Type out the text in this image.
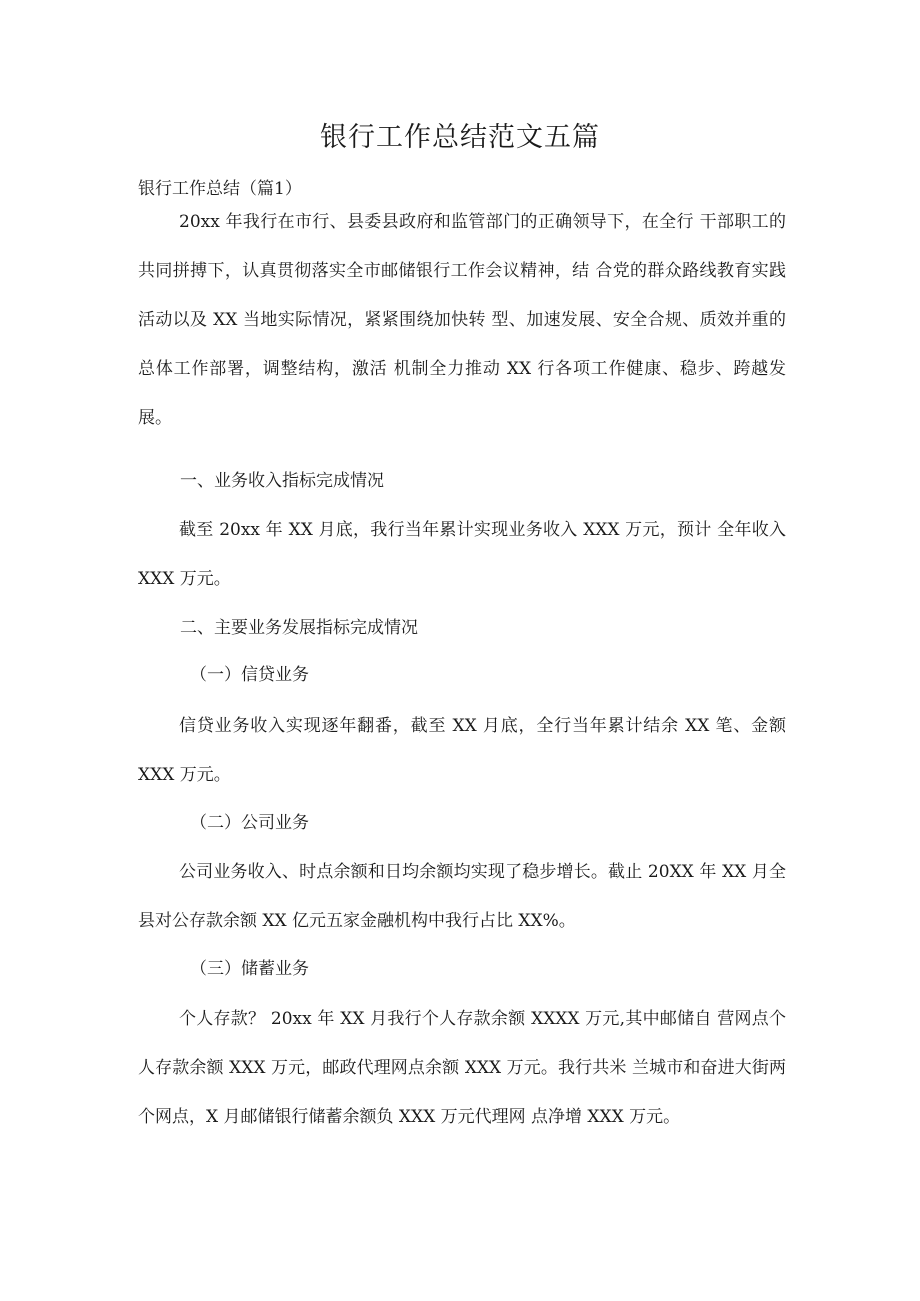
银行工作总结范文五篇
银行工作总结（篇1）

20xx 年我行在市行、县委县政府和监管部门的正确领导下，在全行 干部职工的共同拼搏下，认真贯彻落实全市邮储银行工作会议精神，结 合党的群众路线教育实践活动以及 XX 当地实际情况，紧紧围绕加快转 型、加速发展、安全合规、质效并重的总体工作部署，调整结构，激活 机制全力推动 XX 行各项工作健康、稳步、跨越发展。

一、业务收入指标完成情况

截至 20xx 年 XX 月底，我行当年累计实现业务收入 XXX 万元，预计 全年收入 XXX 万元。

二、主要业务发展指标完成情况
（一）信贷业务

信贷业务收入实现逐年翻番，截至 XX 月底，全行当年累计结余 XX 笔、金额 XXX 万元。

（二）公司业务

公司业务收入、时点余额和日均余额均实现了稳步增长。截止 20XX 年 XX 月全县对公存款余额 XX 亿元五家金融机构中我行占比 XX%。

（三）储蓄业务

个人存款？ 20xx 年 XX 月我行个人存款余额 XXXX 万元,其中邮储自 营网点个人存款余额 XXX 万元，邮政代理网点余额 XXX 万元。我行共米 兰城市和奋进大街两个网点，X 月邮储银行储蓄余额负 XXX 万元代理网 点净增 XXX 万元。
